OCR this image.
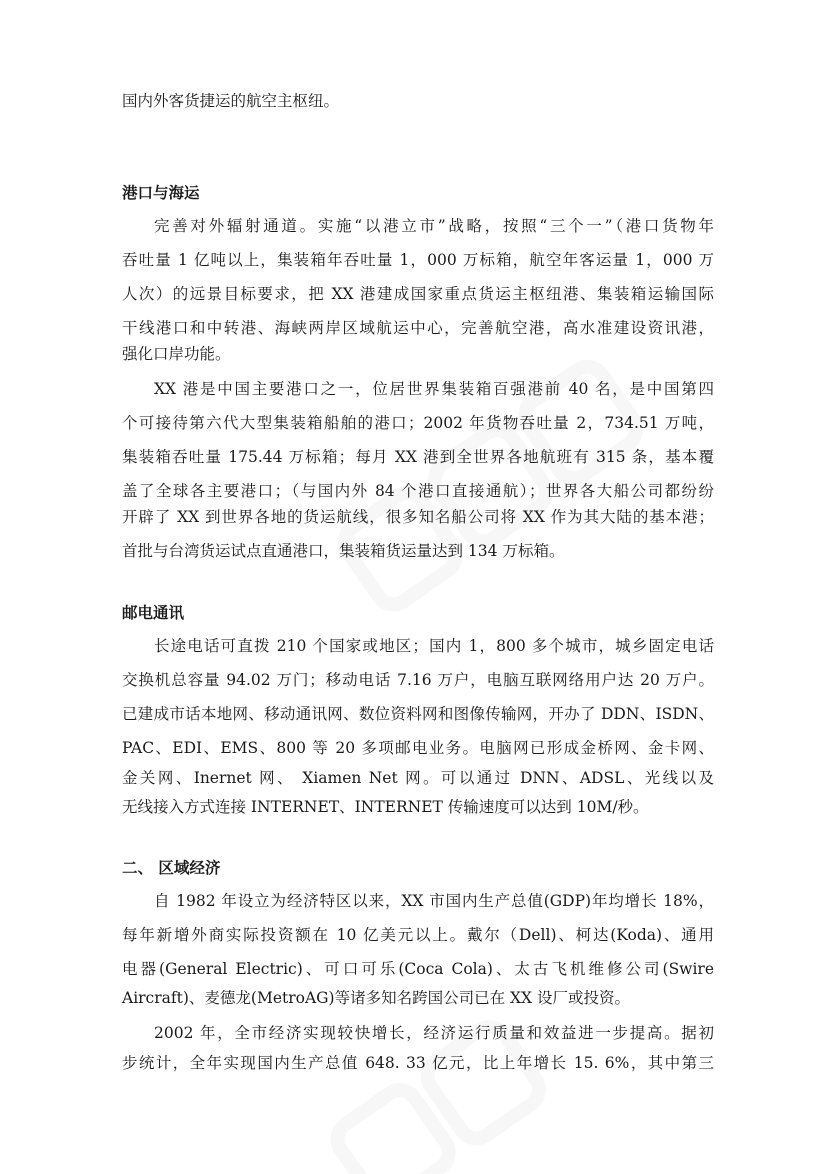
国内外客货捷运的航空主枢纽。
港口与海运
完善对外辐射通道。实施“以港立市”战略，按照“三个一”（港口货物年
吞吐量 1 亿吨以上，集装箱年吞吐量 1，000 万标箱，航空年客运量 1，000 万
人次）的远景目标要求，把 XX 港建成国家重点货运主枢纽港、集装箱运输国际
干线港口和中转港、海峡两岸区域航运中心，完善航空港，高水准建设资讯港，
强化口岸功能。
XX 港是中国主要港口之一，位居世界集装箱百强港前 40 名，是中国第四
个可接待第六代大型集装箱船舶的港口；2002 年货物吞吐量 2，734.51 万吨，
集装箱吞吐量 175.44 万标箱；每月 XX 港到全世界各地航班有 315 条，基本覆
盖了全球各主要港口；（与国内外 84 个港口直接通航）；世界各大船公司都纷纷
开辟了 XX 到世界各地的货运航线，很多知名船公司将 XX 作为其大陆的基本港；
首批与台湾货运试点直通港口，集装箱货运量达到 134 万标箱。
邮电通讯
长途电话可直拨 210 个国家或地区；国内 1，800 多个城市，城乡固定电话
交换机总容量 94.02 万门；移动电话 7.16 万户，电脑互联网络用户达 20 万户。
已建成市话本地网、移动通讯网、数位资料网和图像传输网，开办了 DDN、ISDN、
PAC、EDI、EMS、800 等 20 多项邮电业务。电脑网已形成金桥网、金卡网、
金关网、Inernet 网、 Xiamen Net 网。可以通过 DNN、ADSL、光线以及
无线接入方式连接 INTERNET、INTERNET 传输速度可以达到 10M/秒。
二、 区域经济
自 1982 年设立为经济特区以来，XX 市国内生产总值(GDP)年均增长 18%，
每年新增外商实际投资额在 10 亿美元以上。戴尔（Dell)、柯达(Koda)、通用
电器(General Electric)、可口可乐(Coca Cola)、太古飞机维修公司(Swire
Aircraft)、麦德龙(MetroAG)等诸多知名跨国公司已在 XX 设厂或投资。
2002 年，全市经济实现较快增长，经济运行质量和效益进一步提高。据初
步统计，全年实现国内生产总值 648. 33 亿元，比上年增长 15. 6%，其中第三
